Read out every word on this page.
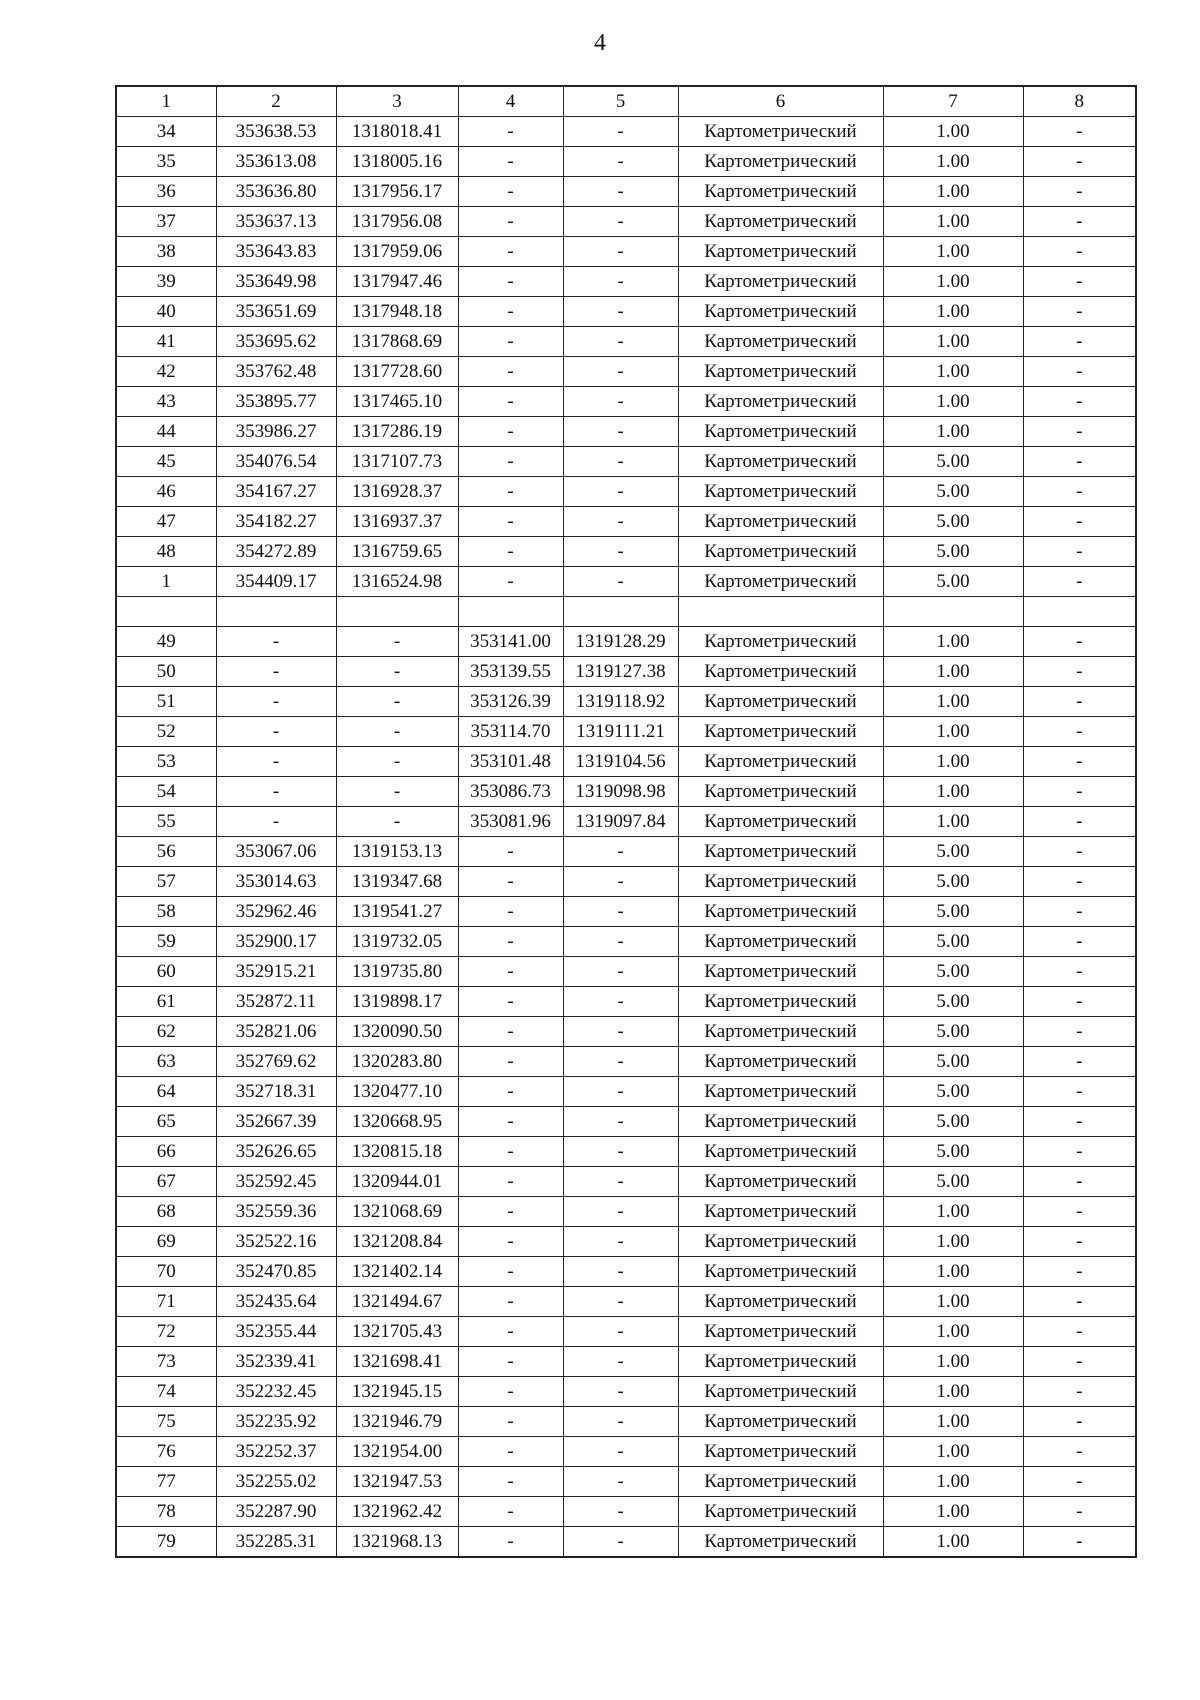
4
1	2	3	4	5	6	7	8
34	353638.53	1318018.41	-	-	Картометрический	1.00	-
35	353613.08	1318005.16	-	-	Картометрический	1.00	-
36	353636.80	1317956.17	-	-	Картометрический	1.00	-
37	353637.13	1317956.08	-	-	Картометрический	1.00	-
38	353643.83	1317959.06	-	-	Картометрический	1.00	-
39	353649.98	1317947.46	-	-	Картометрический	1.00	-
40	353651.69	1317948.18	-	-	Картометрический	1.00	-
41	353695.62	1317868.69	-	-	Картометрический	1.00	-
42	353762.48	1317728.60	-	-	Картометрический	1.00	-
43	353895.77	1317465.10	-	-	Картометрический	1.00	-
44	353986.27	1317286.19	-	-	Картометрический	1.00	-
45	354076.54	1317107.73	-	-	Картометрический	5.00	-
46	354167.27	1316928.37	-	-	Картометрический	5.00	-
47	354182.27	1316937.37	-	-	Картометрический	5.00	-
48	354272.89	1316759.65	-	-	Картометрический	5.00	-
1	354409.17	1316524.98	-	-	Картометрический	5.00	-

49	-	-	353141.00	1319128.29	Картометрический	1.00	-
50	-	-	353139.55	1319127.38	Картометрический	1.00	-
51	-	-	353126.39	1319118.92	Картометрический	1.00	-
52	-	-	353114.70	1319111.21	Картометрический	1.00	-
53	-	-	353101.48	1319104.56	Картометрический	1.00	-
54	-	-	353086.73	1319098.98	Картометрический	1.00	-
55	-	-	353081.96	1319097.84	Картометрический	1.00	-
56	353067.06	1319153.13	-	-	Картометрический	5.00	-
57	353014.63	1319347.68	-	-	Картометрический	5.00	-
58	352962.46	1319541.27	-	-	Картометрический	5.00	-
59	352900.17	1319732.05	-	-	Картометрический	5.00	-
60	352915.21	1319735.80	-	-	Картометрический	5.00	-
61	352872.11	1319898.17	-	-	Картометрический	5.00	-
62	352821.06	1320090.50	-	-	Картометрический	5.00	-
63	352769.62	1320283.80	-	-	Картометрический	5.00	-
64	352718.31	1320477.10	-	-	Картометрический	5.00	-
65	352667.39	1320668.95	-	-	Картометрический	5.00	-
66	352626.65	1320815.18	-	-	Картометрический	5.00	-
67	352592.45	1320944.01	-	-	Картометрический	5.00	-
68	352559.36	1321068.69	-	-	Картометрический	1.00	-
69	352522.16	1321208.84	-	-	Картометрический	1.00	-
70	352470.85	1321402.14	-	-	Картометрический	1.00	-
71	352435.64	1321494.67	-	-	Картометрический	1.00	-
72	352355.44	1321705.43	-	-	Картометрический	1.00	-
73	352339.41	1321698.41	-	-	Картометрический	1.00	-
74	352232.45	1321945.15	-	-	Картометрический	1.00	-
75	352235.92	1321946.79	-	-	Картометрический	1.00	-
76	352252.37	1321954.00	-	-	Картометрический	1.00	-
77	352255.02	1321947.53	-	-	Картометрический	1.00	-
78	352287.90	1321962.42	-	-	Картометрический	1.00	-
79	352285.31	1321968.13	-	-	Картометрический	1.00	-
